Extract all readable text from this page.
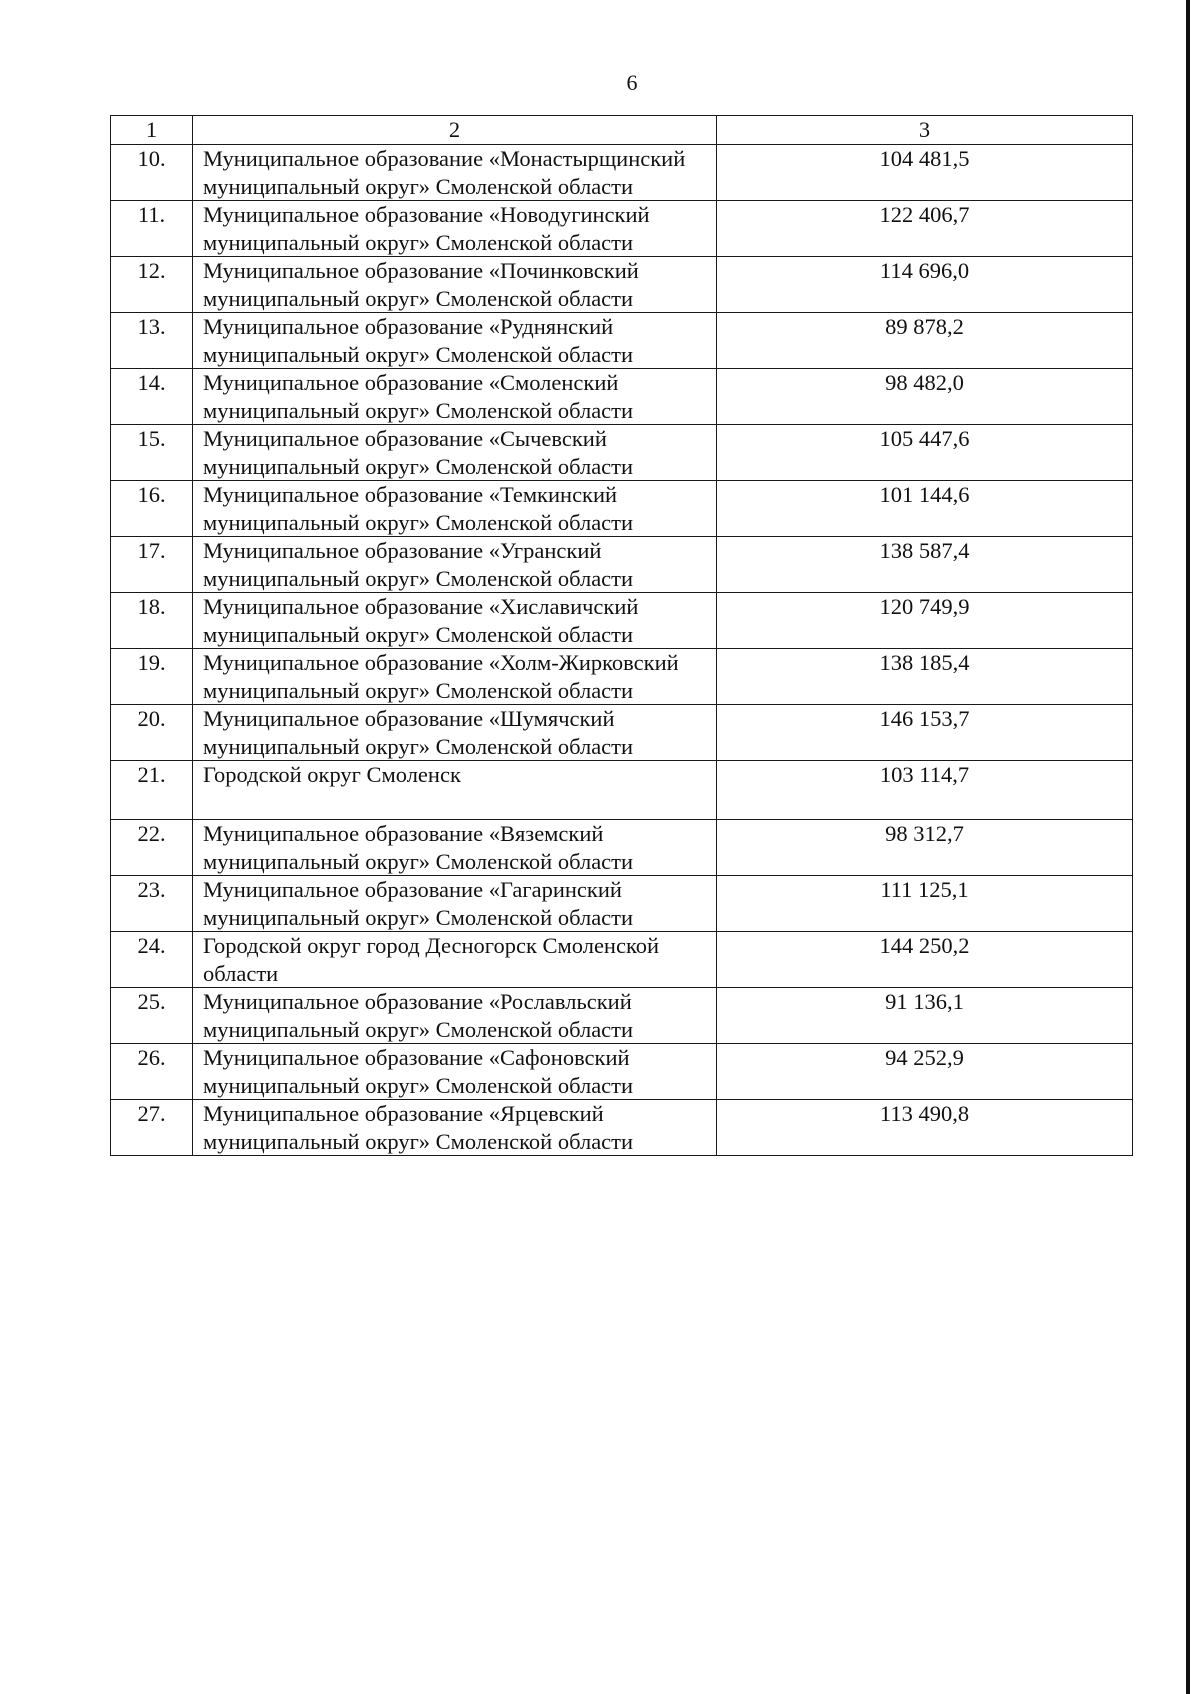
6
1	2	3
10.	Муниципальное образование «Монастырщинский муниципальный округ» Смоленской области	104 481,5
11.	Муниципальное образование «Новодугинский муниципальный округ» Смоленской области	122 406,7
12.	Муниципальное образование «Починковский муниципальный округ» Смоленской области	114 696,0
13.	Муниципальное образование «Руднянский муниципальный округ» Смоленской области	89 878,2
14.	Муниципальное образование «Смоленский муниципальный округ» Смоленской области	98 482,0
15.	Муниципальное образование «Сычевский муниципальный округ» Смоленской области	105 447,6
16.	Муниципальное образование «Темкинский муниципальный округ» Смоленской области	101 144,6
17.	Муниципальное образование «Угранский муниципальный округ» Смоленской области	138 587,4
18.	Муниципальное образование «Хиславичский муниципальный округ» Смоленской области	120 749,9
19.	Муниципальное образование «Холм-Жирковский муниципальный округ» Смоленской области	138 185,4
20.	Муниципальное образование «Шумячский муниципальный округ» Смоленской области	146 153,7
21.	Городской округ Смоленск	103 114,7
22.	Муниципальное образование «Вяземский муниципальный округ» Смоленской области	98 312,7
23.	Муниципальное образование «Гагаринский муниципальный округ» Смоленской области	111 125,1
24.	Городской округ город Десногорск Смоленской области	144 250,2
25.	Муниципальное образование «Рославльский муниципальный округ» Смоленской области	91 136,1
26.	Муниципальное образование «Сафоновский муниципальный округ» Смоленской области	94 252,9
27.	Муниципальное образование «Ярцевский муниципальный округ» Смоленской области	113 490,8
